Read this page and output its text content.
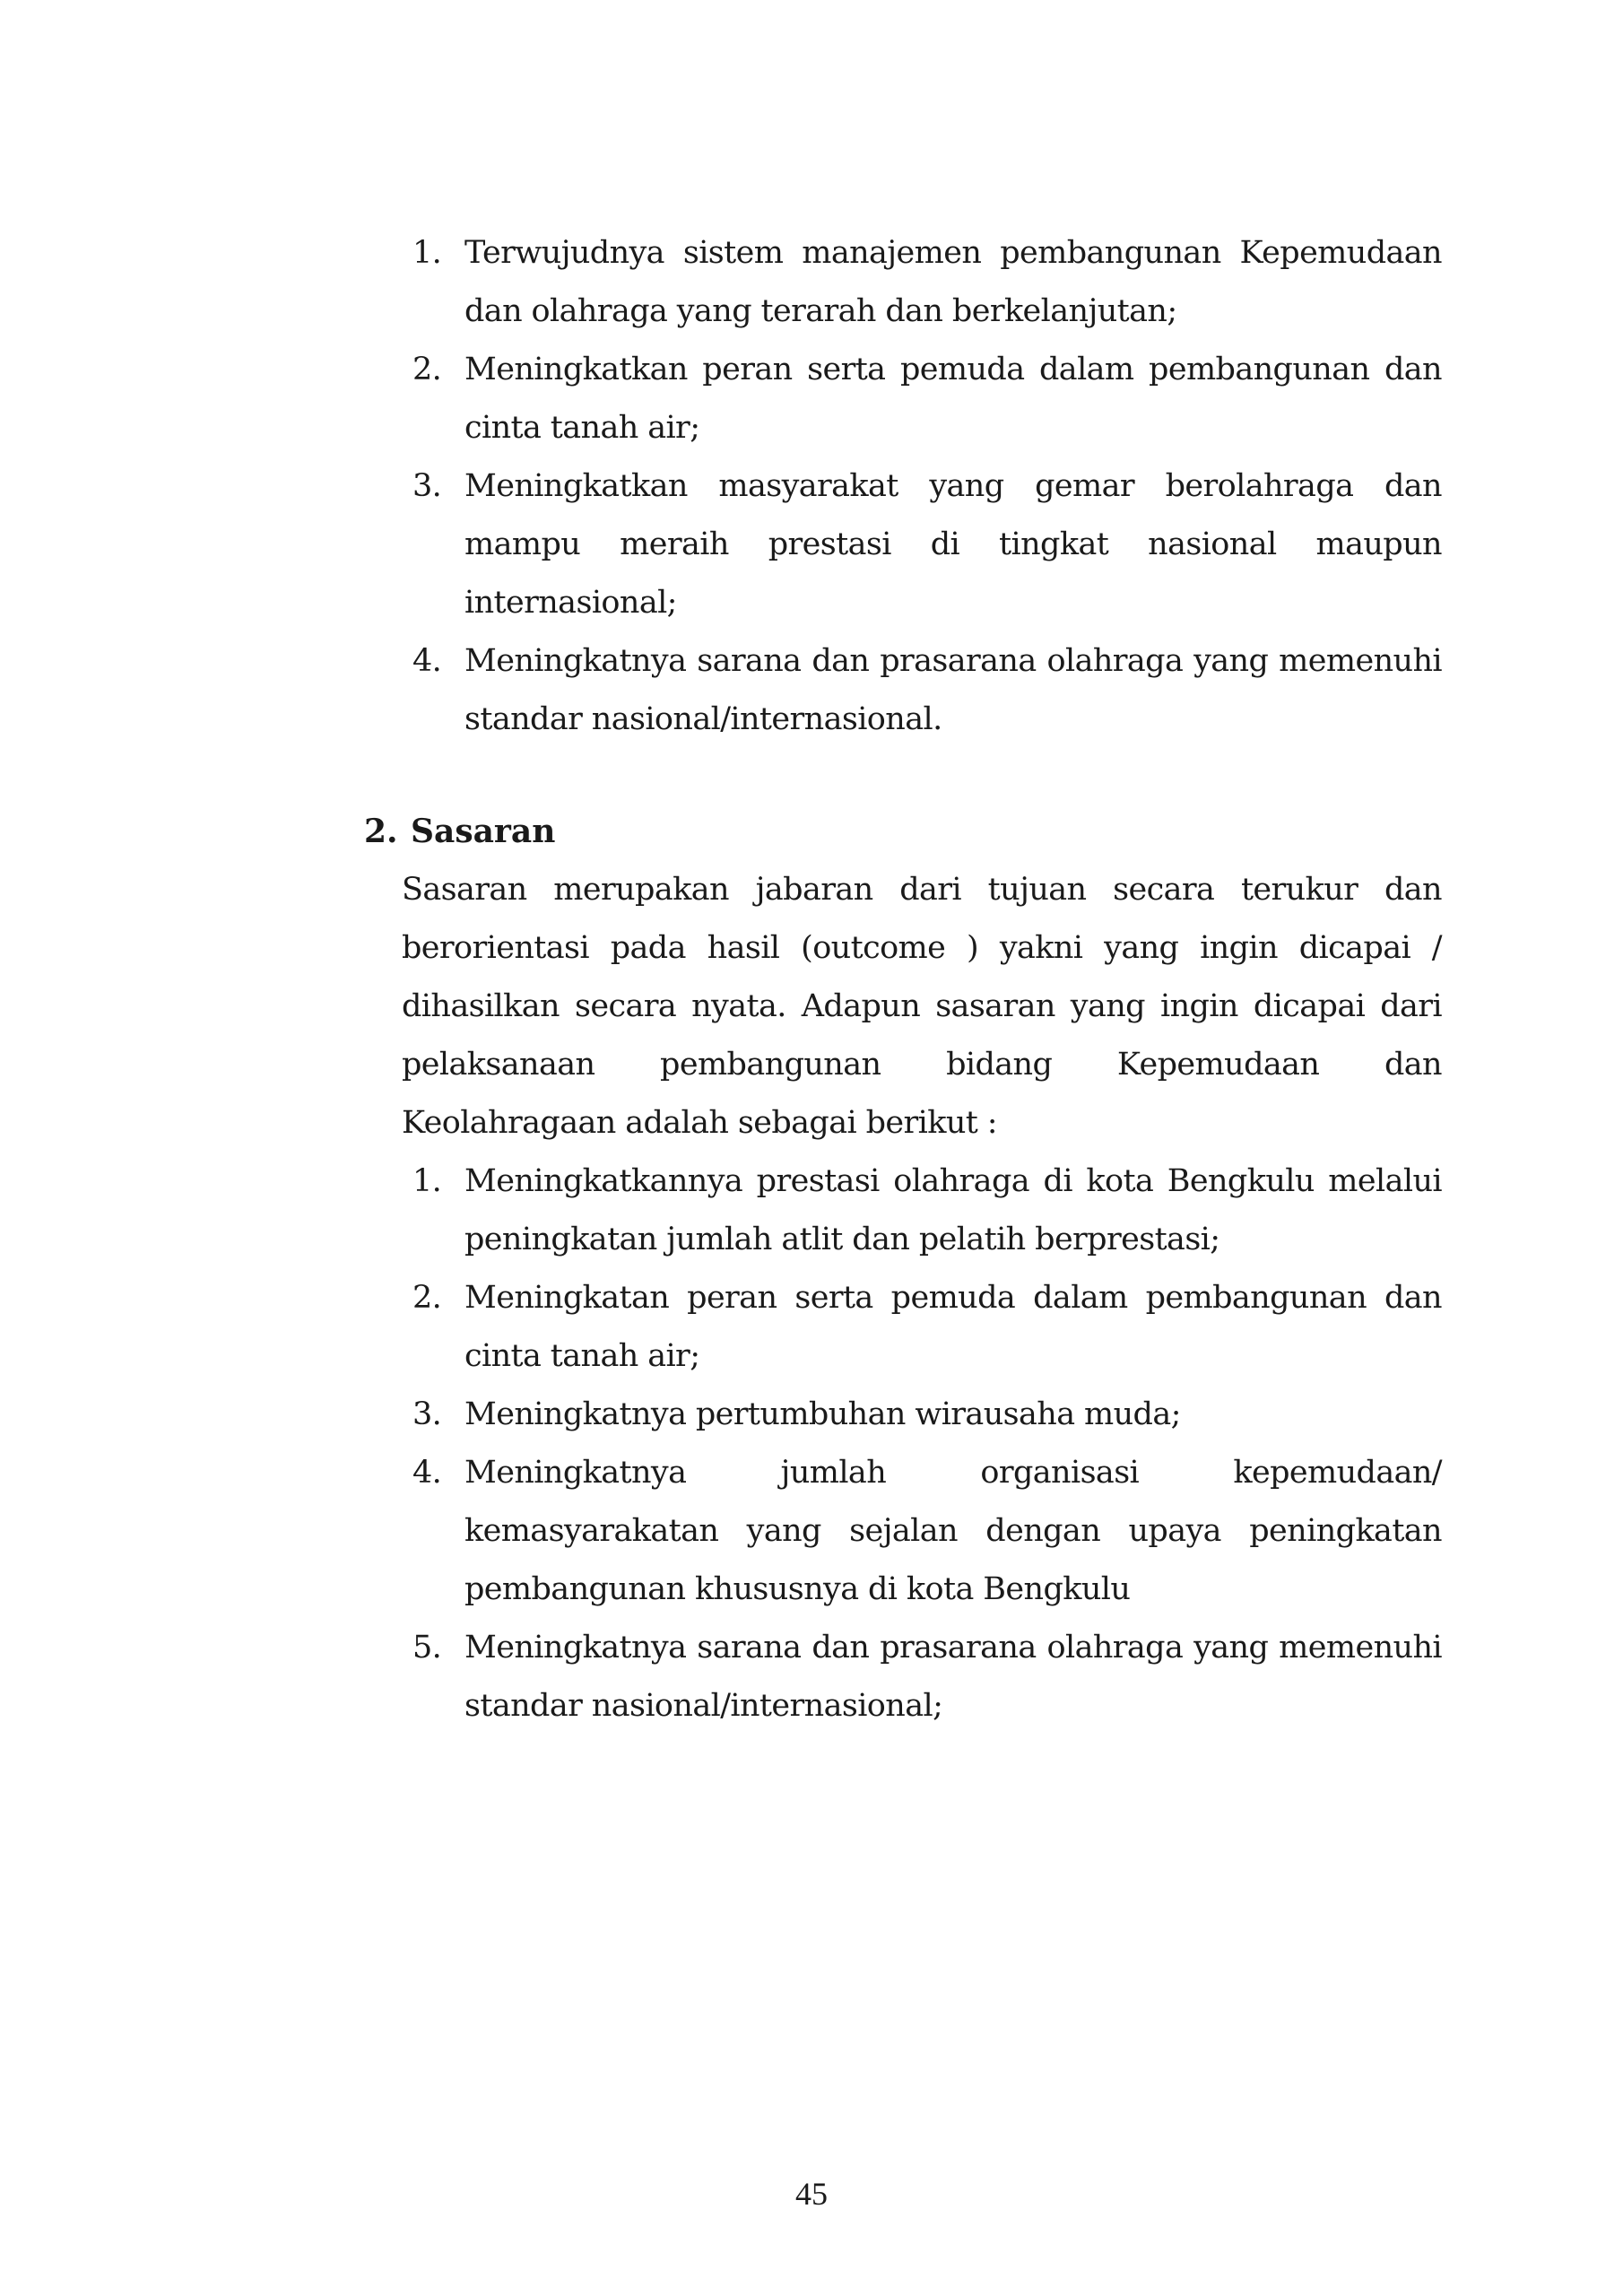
1. Terwujudnya sistem manajemen pembangunan Kepemudaan dan olahraga yang terarah dan berkelanjutan;
2. Meningkatkan peran serta pemuda dalam pembangunan dan cinta tanah air;
3. Meningkatkan masyarakat yang gemar berolahraga dan mampu meraih prestasi di tingkat nasional maupun internasional;
4. Meningkatnya sarana dan prasarana olahraga yang memenuhi standar nasional/internasional.
2. Sasaran

Sasaran merupakan jabaran dari tujuan secara terukur dan berorientasi pada hasil (outcome ) yakni yang ingin dicapai / dihasilkan secara nyata. Adapun sasaran yang ingin dicapai dari pelaksanaan pembangunan bidang Kepemudaan dan Keolahragaan adalah sebagai berikut :

1. Meningkatkannya prestasi olahraga di kota Bengkulu melalui peningkatan jumlah atlit dan pelatih berprestasi;
2. Meningkatan peran serta pemuda dalam pembangunan dan cinta tanah air;
3. Meningkatnya pertumbuhan wirausaha muda;
4. Meningkatnya jumlah organisasi kepemudaan/ kemasyarakatan yang sejalan dengan upaya peningkatan pembangunan khususnya di kota Bengkulu
5. Meningkatnya sarana dan prasarana olahraga yang memenuhi standar nasional/internasional;
45
